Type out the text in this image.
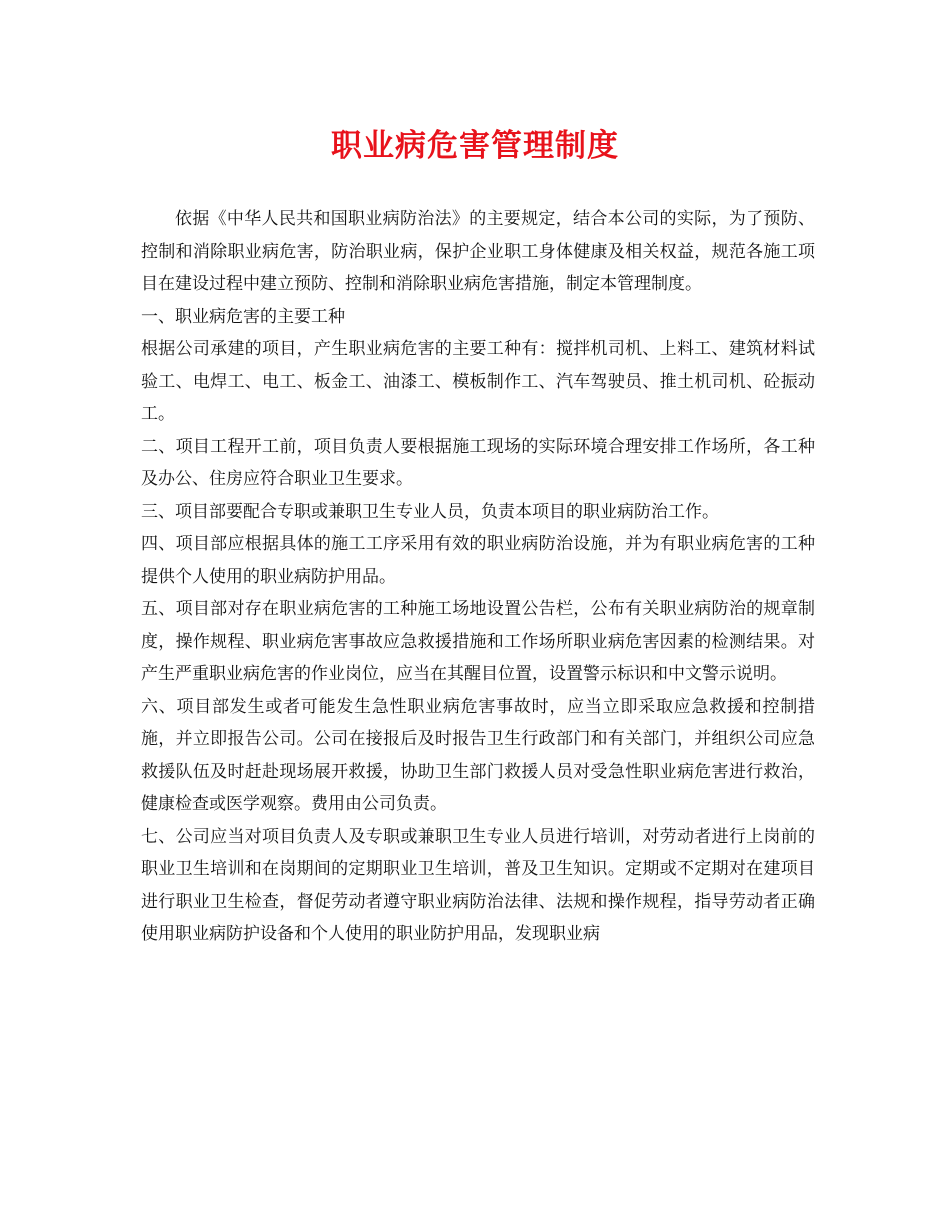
职业病危害管理制度

依据《中华人民共和国职业病防治法》的主要规定，结合本公司的实际，为了预防、控制和消除职业病危害，防治职业病，保护企业职工身体健康及相关权益，规范各施工项目在建设过程中建立预防、控制和消除职业病危害措施，制定本管理制度。

一、职业病危害的主要工种

根据公司承建的项目，产生职业病危害的主要工种有：搅拌机司机、上料工、建筑材料试验工、电焊工、电工、板金工、油漆工、模板制作工、汽车驾驶员、推土机司机、砼振动工。

二、项目工程开工前，项目负责人要根据施工现场的实际环境合理安排工作场所，各工种及办公、住房应符合职业卫生要求。

三、项目部要配合专职或兼职卫生专业人员，负责本项目的职业病防治工作。

四、项目部应根据具体的施工工序采用有效的职业病防治设施，并为有职业病危害的工种提供个人使用的职业病防护用品。

五、项目部对存在职业病危害的工种施工场地设置公告栏，公布有关职业病防治的规章制度，操作规程、职业病危害事故应急救援措施和工作场所职业病危害因素的检测结果。对产生严重职业病危害的作业岗位，应当在其醒目位置，设置警示标识和中文警示说明。

六、项目部发生或者可能发生急性职业病危害事故时，应当立即采取应急救援和控制措施，并立即报告公司。公司在接报后及时报告卫生行政部门和有关部门，并组织公司应急救援队伍及时赶赴现场展开救援，协助卫生部门救援人员对受急性职业病危害进行救治，健康检查或医学观察。费用由公司负责。

七、公司应当对项目负责人及专职或兼职卫生专业人员进行培训，对劳动者进行上岗前的职业卫生培训和在岗期间的定期职业卫生培训，普及卫生知识。定期或不定期对在建项目进行职业卫生检查，督促劳动者遵守职业病防治法律、法规和操作规程，指导劳动者正确使用职业病防护设备和个人使用的职业防护用品，发现职业病
